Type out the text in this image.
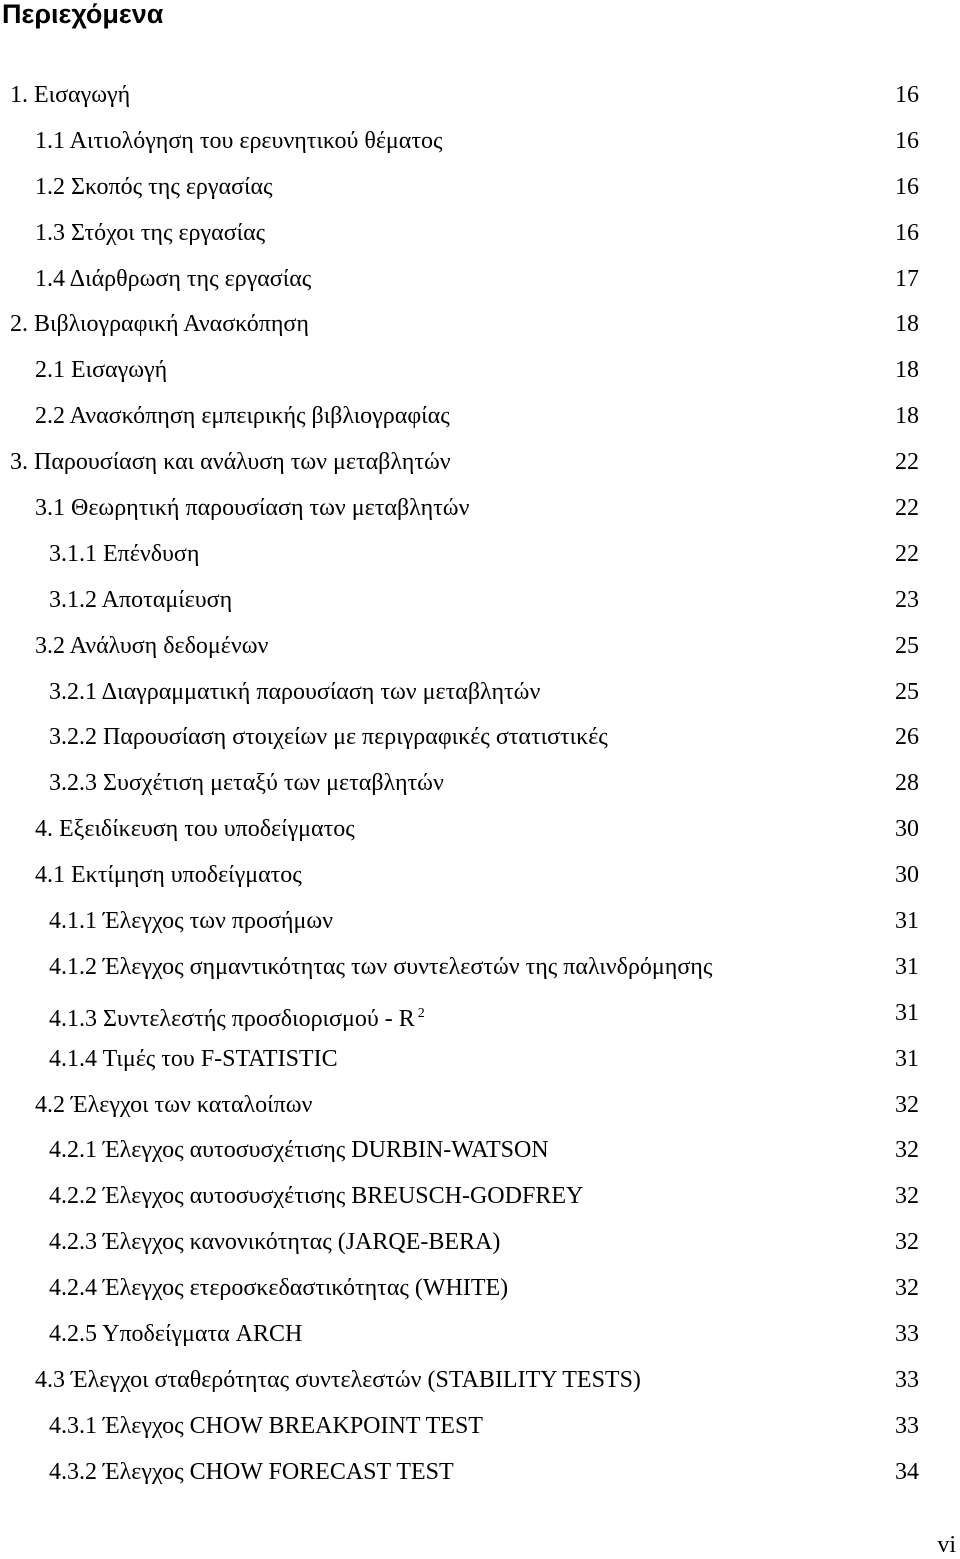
Περιεχόμενα
1. Εισαγωγή	16
1.1 Αιτιολόγηση του ερευνητικού θέματος	16
1.2 Σκοπός της εργασίας	16
1.3 Στόχοι της εργασίας	16
1.4 Διάρθρωση της εργασίας	17
2. Βιβλιογραφική Ανασκόπηση	18
2.1 Εισαγωγή	18
2.2 Ανασκόπηση εμπειρικής βιβλιογραφίας	18
3. Παρουσίαση και ανάλυση των μεταβλητών	22
3.1 Θεωρητική παρουσίαση των μεταβλητών	22
3.1.1 Επένδυση	22
3.1.2 Αποταμίευση	23
3.2 Ανάλυση δεδομένων	25
3.2.1 Διαγραμματική παρουσίαση των μεταβλητών	25
3.2.2 Παρουσίαση στοιχείων με περιγραφικές στατιστικές	26
3.2.3 Συσχέτιση μεταξύ των μεταβλητών	28
4. Εξειδίκευση του υποδείγματος	30
4.1 Εκτίμηση υποδείγματος	30
4.1.1 Έλεγχος των προσήμων	31
4.1.2 Έλεγχος σημαντικότητας των συντελεστών της παλινδρόμησης	31
4.1.3 Συντελεστής προσδιορισμού - R $^2$	31
4.1.4 Τιμές του F-STATISTIC	31
4.2 Έλεγχοι των καταλοίπων	32
4.2.1 Έλεγχος αυτοσυσχέτισης DURBIN-WATSON	32
4.2.2 Έλεγχος αυτοσυσχέτισης BREUSCH-GODFREY	32
4.2.3 Έλεγχος κανονικότητας (JARQE-BERA)	32
4.2.4 Έλεγχος ετεροσκεδαστικότητας (WHITE)	32
4.2.5 Υποδείγματα ARCH	33
4.3 Έλεγχοι σταθερότητας συντελεστών (STABILITY TESTS)	33
4.3.1 Έλεγχος CHOW BREAKPOINT TEST	33
4.3.2 Έλεγχος CHOW FORECAST TEST	34
vi
